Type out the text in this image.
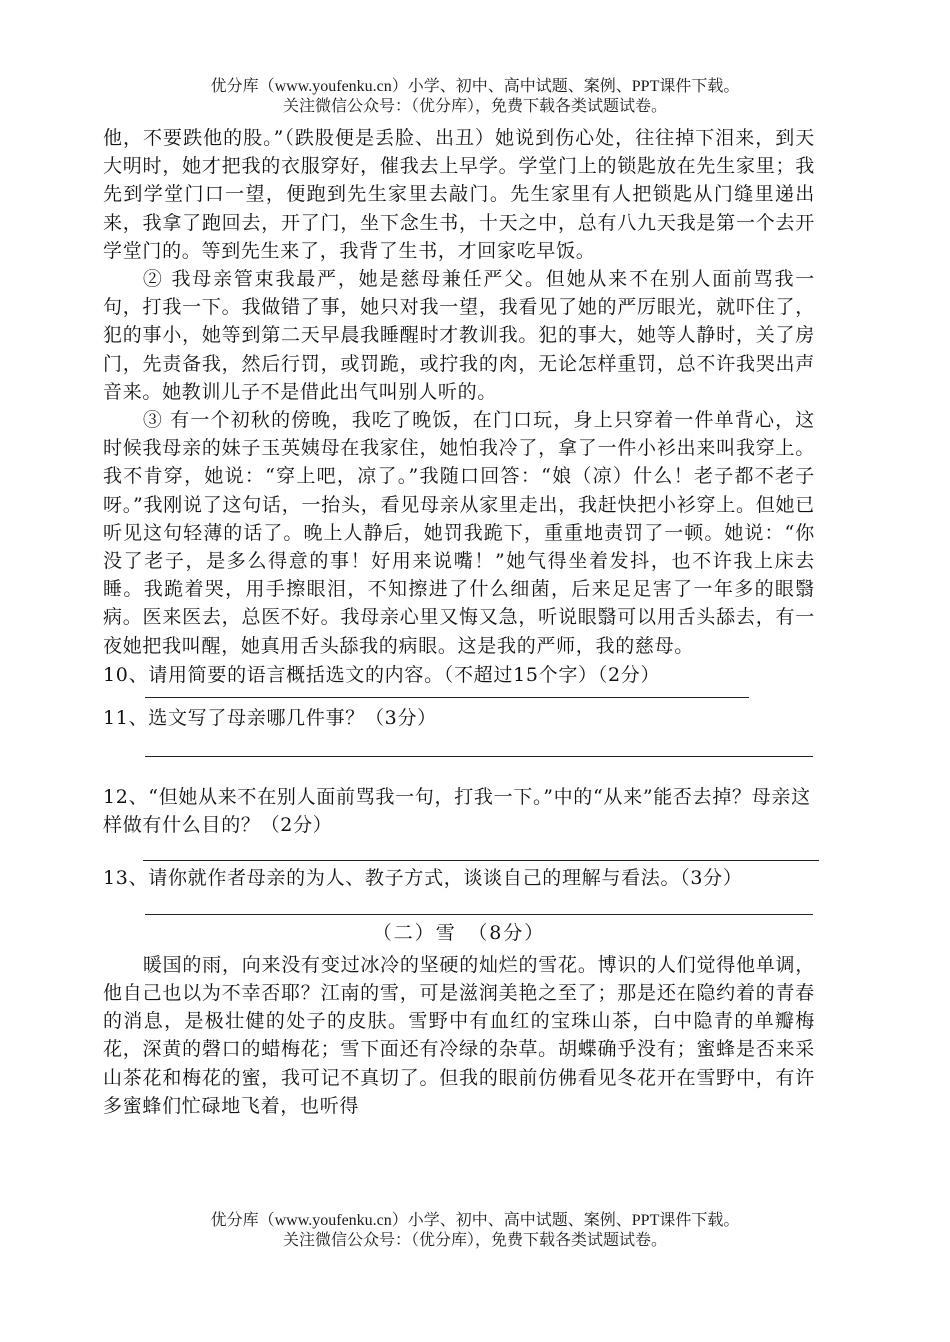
优分库（www.youfenku.cn）小学、初中、高中试题、案例、PPT课件下载。
关注微信公众号：（优分库），免费下载各类试题试卷。

他，不要跌他的股。”（跌股便是丢脸、出丑）她说到伤心处，往往掉下泪来，到天大明时，她才把我的衣服穿好，催我去上早学。学堂门上的锁匙放在先生家里；我先到学堂门口一望，便跑到先生家里去敲门。先生家里有人把锁匙从门缝里递出来，我拿了跑回去，开了门，坐下念生书，十天之中，总有八九天我是第一个去开学堂门的。等到先生来了，我背了生书，才回家吃早饭。

② 我母亲管束我最严，她是慈母兼任严父。但她从来不在别人面前骂我一句，打我一下。我做错了事，她只对我一望，我看见了她的严厉眼光，就吓住了，犯的事小，她等到第二天早晨我睡醒时才教训我。犯的事大，她等人静时，关了房门，先责备我，然后行罚，或罚跪，或拧我的肉，无论怎样重罚，总不许我哭出声音来。她教训儿子不是借此出气叫别人听的。

③ 有一个初秋的傍晚，我吃了晚饭，在门口玩，身上只穿着一件单背心，这时候我母亲的妹子玉英姨母在我家住，她怕我冷了，拿了一件小衫出来叫我穿上。我不肯穿，她说：“穿上吧，凉了。”我随口回答：“娘（凉）什么！老子都不老子呀。”我刚说了这句话，一抬头，看见母亲从家里走出，我赶快把小衫穿上。但她已听见这句轻薄的话了。晚上人静后，她罚我跪下，重重地责罚了一顿。她说：“你没了老子，是多么得意的事！好用来说嘴！”她气得坐着发抖，也不许我上床去睡。我跪着哭，用手擦眼泪，不知擦进了什么细菌，后来足足害了一年多的眼翳病。医来医去，总医不好。我母亲心里又悔又急，听说眼翳可以用舌头舔去，有一夜她把我叫醒，她真用舌头舔我的病眼。这是我的严师，我的慈母。

10、请用简要的语言概括选文的内容。（不超过15个字）（2分）

11、选文写了母亲哪几件事？（3分）

12、“但她从来不在别人面前骂我一句，打我一下。”中的“从来”能否去掉？母亲这样做有什么目的？（2分）

13、请你就作者母亲的为人、教子方式，谈谈自己的理解与看法。（3分）

（二）雪　（8分）

暖国的雨，向来没有变过冰冷的坚硬的灿烂的雪花。博识的人们觉得他单调，他自己也以为不幸否耶？江南的雪，可是滋润美艳之至了；那是还在隐约着的青春的消息，是极壮健的处子的皮肤。雪野中有血红的宝珠山茶，白中隐青的单瓣梅花，深黄的磬口的蜡梅花；雪下面还有冷绿的杂草。胡蝶确乎没有；蜜蜂是否来采山茶花和梅花的蜜，我可记不真切了。但我的眼前仿佛看见冬花开在雪野中，有许多蜜蜂们忙碌地飞着，也听得

优分库（www.youfenku.cn）小学、初中、高中试题、案例、PPT课件下载。
关注微信公众号：（优分库），免费下载各类试题试卷。
